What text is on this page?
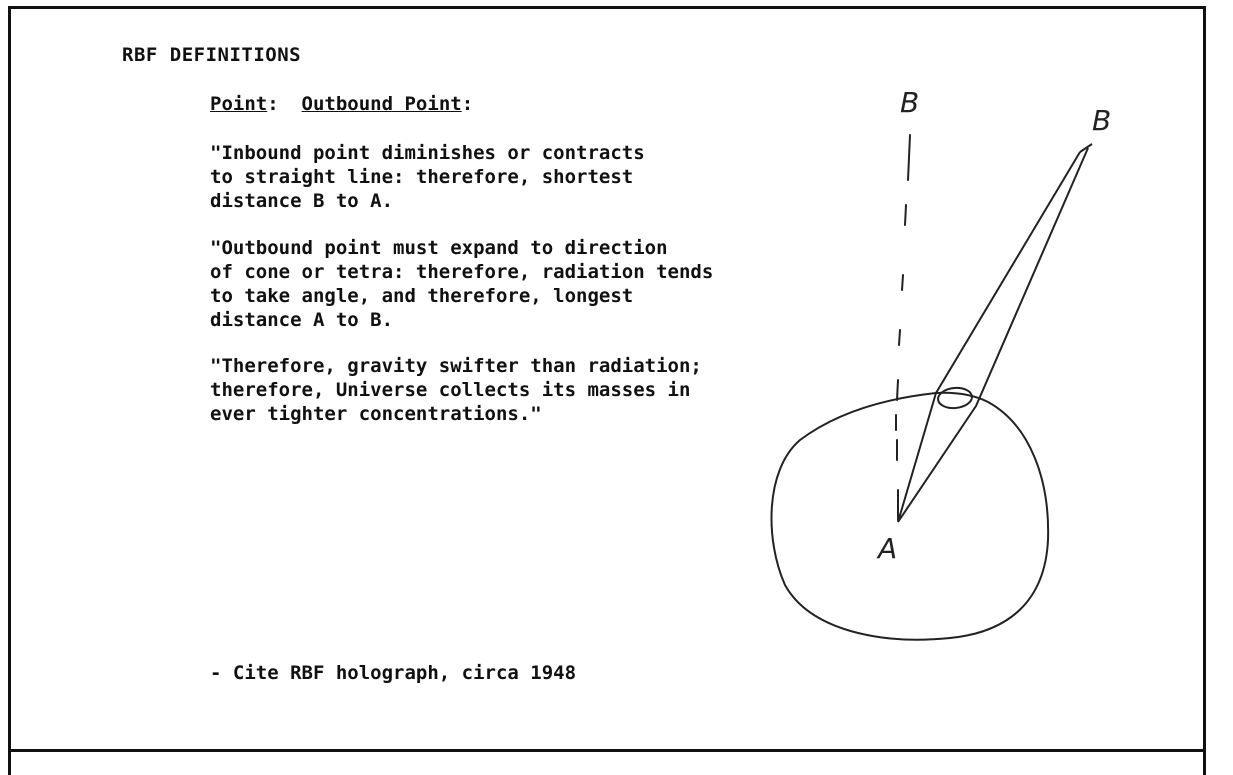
RBF DEFINITIONS
Point: Outbound Point:

"Inbound point diminishes or contracts
to straight line: therefore, shortest
distance B to A.

"Outbound point must expand to direction
of cone or tetra: therefore, radiation tends
to take angle, and therefore, longest
distance A to B.

"Therefore, gravity swifter than radiation;
therefore, Universe collects its masses in
ever tighter concentrations."

- Cite RBF holograph, circa 1948
B
B
A
